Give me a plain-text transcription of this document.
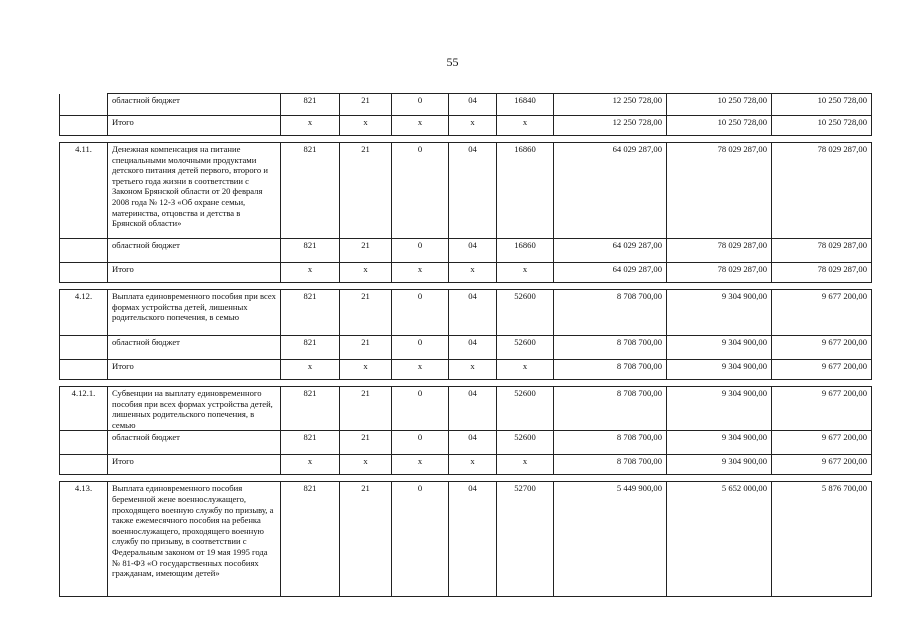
55
	областной бюджет	821	21	0	04	16840	12 250 728,00	10 250 728,00	10 250 728,00
	Итого	x	x	x	x	x	12 250 728,00	10 250 728,00	10 250 728,00

4.11.	Денежная компенсация на питание специальными молочными продуктами детского питания детей первого, второго и третьего года жизни в соответствии с Законом Брянской области от 20 февраля 2008 года № 12-З «Об охране семьи, материнства, отцовства и детства в Брянской области»	821	21	0	04	16860	64 029 287,00	78 029 287,00	78 029 287,00
	областной бюджет	821	21	0	04	16860	64 029 287,00	78 029 287,00	78 029 287,00
	Итого	x	x	x	x	x	64 029 287,00	78 029 287,00	78 029 287,00

4.12.	Выплата единовременного пособия при всех формах устройства детей, лишенных родительского попечения, в семью	821	21	0	04	52600	8 708 700,00	9 304 900,00	9 677 200,00
	областной бюджет	821	21	0	04	52600	8 708 700,00	9 304 900,00	9 677 200,00
	Итого	x	x	x	x	x	8 708 700,00	9 304 900,00	9 677 200,00

4.12.1.	Субвенции на выплату единовременного пособия при всех формах устройства детей, лишенных родительского попечения, в семью	821	21	0	04	52600	8 708 700,00	9 304 900,00	9 677 200,00
	областной бюджет	821	21	0	04	52600	8 708 700,00	9 304 900,00	9 677 200,00
	Итого	x	x	x	x	x	8 708 700,00	9 304 900,00	9 677 200,00

4.13.	Выплата единовременного пособия беременной жене военнослужащего, проходящего военную службу по призыву, а также ежемесячного пособия на ребенка военнослужащего, проходящего военную службу по призыву, в соответствии с Федеральным законом от 19 мая 1995 года № 81-ФЗ «О государственных пособиях гражданам, имеющим детей»	821	21	0	04	52700	5 449 900,00	5 652 000,00	5 876 700,00
